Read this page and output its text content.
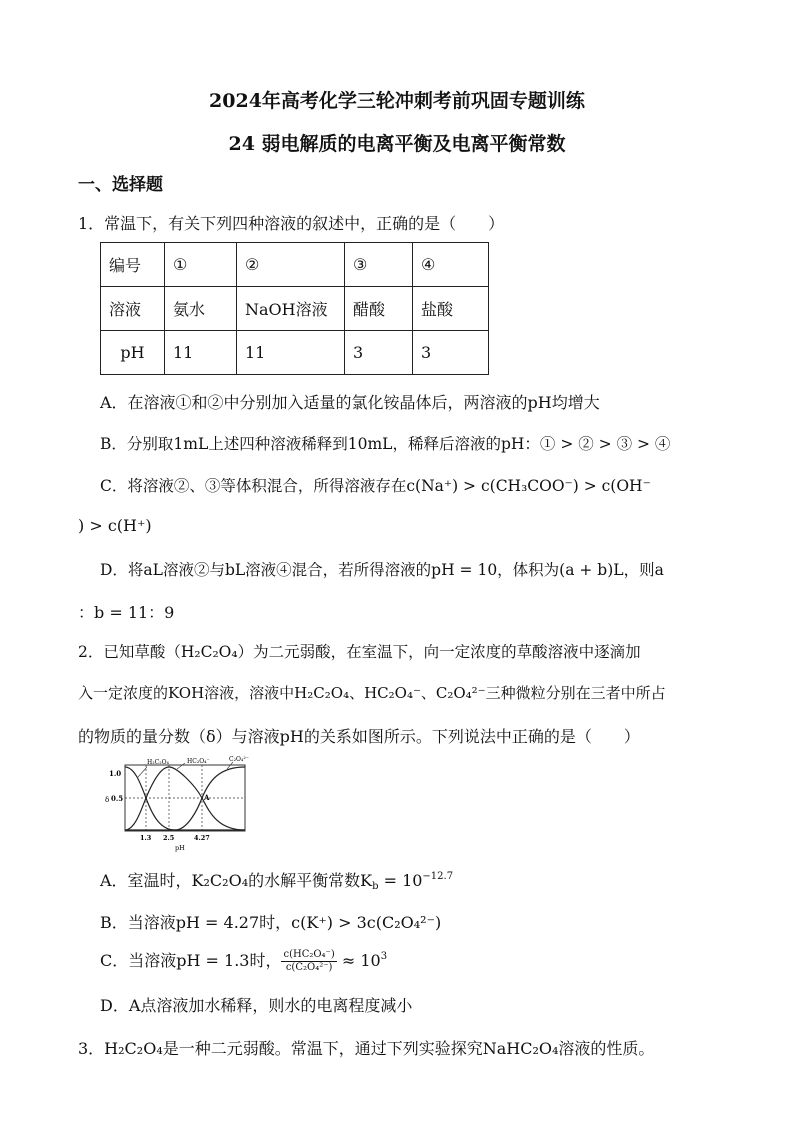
2024年高考化学三轮冲刺考前巩固专题训练
24 弱电解质的电离平衡及电离平衡常数
一、选择题
1．常温下，有关下列四种溶液的叙述中，正确的是（　　）
编号	①	②	③	④
溶液	氨水	NaOH溶液	醋酸	盐酸
pH	11	11	3	3
A．在溶液①和②中分别加入适量的氯化铵晶体后，两溶液的pH均增大
B．分别取1mL上述四种溶液稀释到10mL，稀释后溶液的pH：① > ② > ③ > ④
C．将溶液②、③等体积混合，所得溶液存在c(Na⁺) > c(CH₃COO⁻) > c(OH⁻
) > c(H⁺)
D．将aL溶液②与bL溶液④混合，若所得溶液的pH = 10，体积为(a + b)L，则a
：b = 11：9
2．已知草酸（H₂C₂O₄）为二元弱酸，在室温下，向一定浓度的草酸溶液中逐滴加
入一定浓度的KOH溶液，溶液中H₂C₂O₄、HC₂O₄⁻、C₂O₄²⁻三种微粒分别在三者中所占
的物质的量分数（δ）与溶液pH的关系如图所示。下列说法中正确的是（　　）
H₂C₂O₄	HC₂O₄⁻	C₂O₄²⁻
1.0
0.5
δ
1.3 2.5	4.27
pH
A
A．室温时，K₂C₂O₄的水解平衡常数$K_b = 10^{-12.7}$
B．当溶液pH = 4.27时，c(K⁺) > 3c(C₂O₄²⁻)
C．当溶液pH = 1.3时， $\frac{\text{c(HC₂O₄⁻)}}{\text{c(C₂O₄²⁻)}} \approx 10^3$
D．A点溶液加水稀释，则水的电离程度减小
3．H₂C₂O₄是一种二元弱酸。常温下，通过下列实验探究NaHC₂O₄溶液的性质。
